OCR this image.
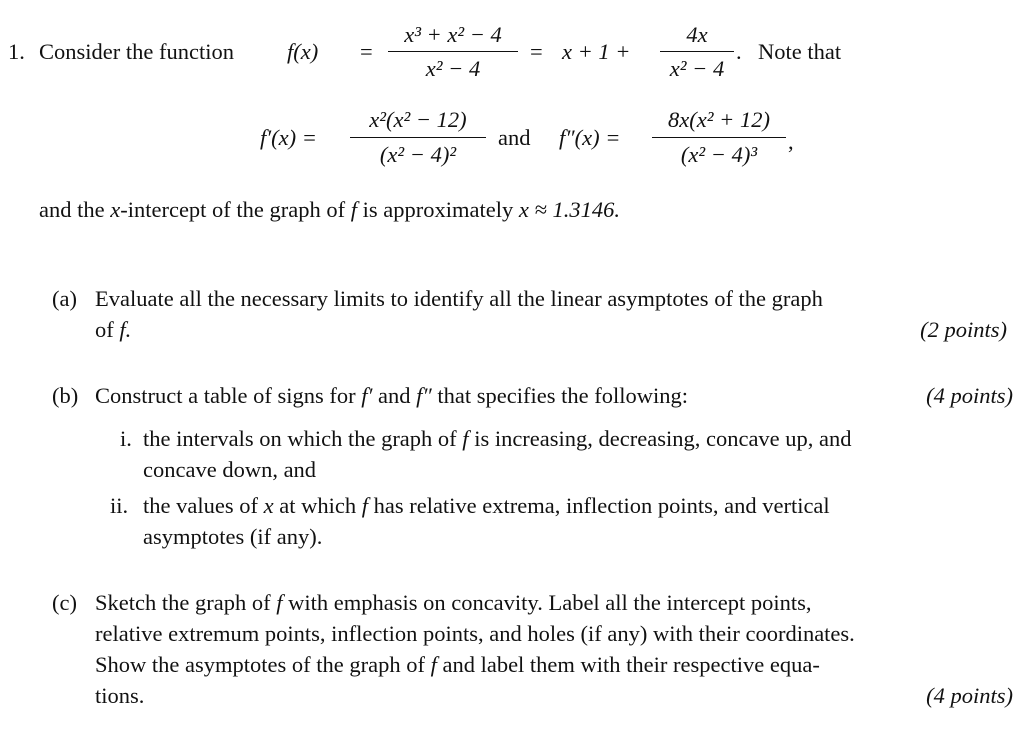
1. Consider the function f(x) =
x³ + x² − 4
x² − 4
= x + 1 +
4x
x² − 4
. Note that
f′(x) =
x²(x² − 12)
(x² − 4)²
and f″(x) =
8x(x² + 12)
(x² − 4)³
,
and the x-intercept of the graph of f is approximately x ≈ 1.3146.
(a) Evaluate all the necessary limits to identify all the linear asymptotes of the graph
of f.	(2 points)
(b) Construct a table of signs for f′ and f″ that specifies the following:	(4 points)
i. the intervals on which the graph of f is increasing, decreasing, concave up, and
concave down, and
ii. the values of x at which f has relative extrema, inflection points, and vertical
asymptotes (if any).
(c) Sketch the graph of f with emphasis on concavity. Label all the intercept points,
relative extremum points, inflection points, and holes (if any) with their coordinates.
Show the asymptotes of the graph of f and label them with their respective equa-
tions.	(4 points)
